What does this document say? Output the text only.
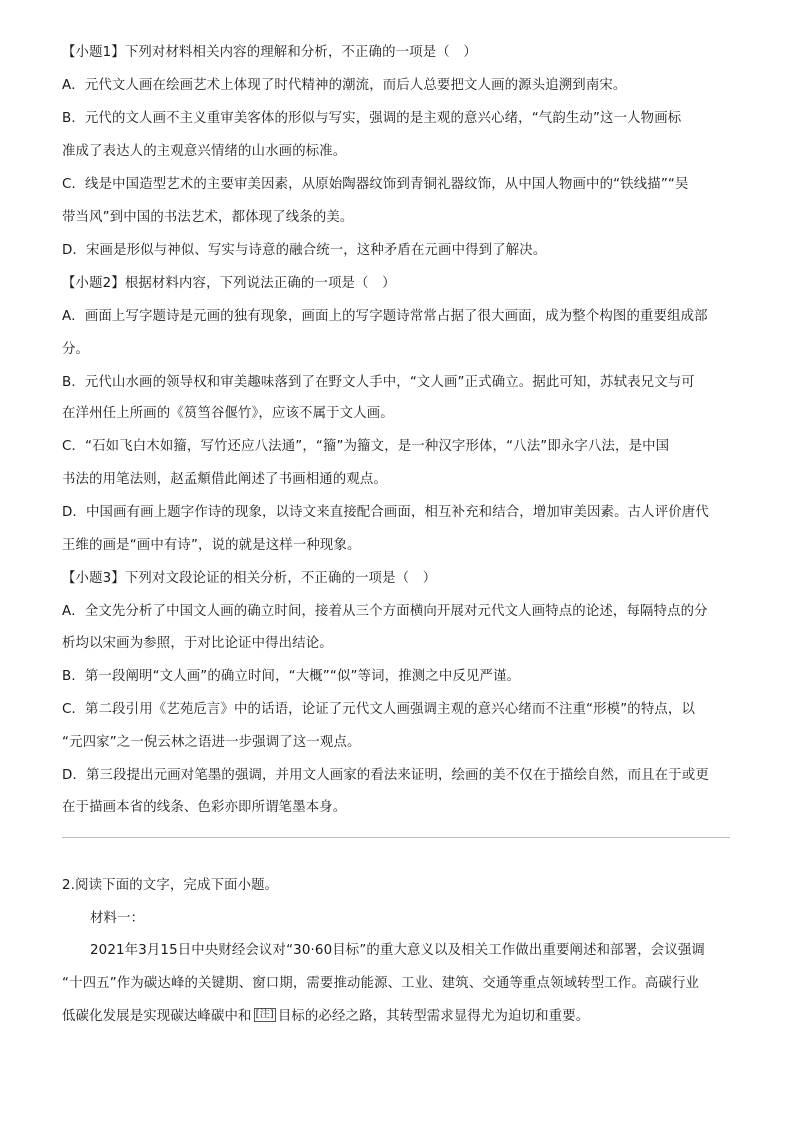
【小题1】下列对材料相关内容的理解和分析，不正确的一项是（　）
A．元代文人画在绘画艺术上体现了时代精神的潮流，而后人总要把文人画的源头追溯到南宋。
B．元代的文人画不主义重审美客体的形似与写实，强调的是主观的意兴心绪，“气韵生动”这一人物画标
准成了表达人的主观意兴情绪的山水画的标准。
C．线是中国造型艺术的主要审美因素，从原始陶器纹饰到青铜礼器纹饰，从中国人物画中的“铁线描”“吴
带当风”到中国的书法艺术，都体现了线条的美。
D．宋画是形似与神似、写实与诗意的融合统一，这种矛盾在元画中得到了解决。
【小题2】根据材料内容，下列说法正确的一项是（　）
A．画面上写字题诗是元画的独有现象，画面上的写字题诗常常占据了很大画面，成为整个构图的重要组成部
分。
B．元代山水画的领导权和审美趣味落到了在野文人手中，“文人画”正式确立。据此可知，苏轼表兄文与可
在洋州任上所画的《筼筜谷偃竹》，应该不属于文人画。
C．“石如飞白木如籀，写竹还应八法通”，“籀”为籀文，是一种汉字形体，“八法”即永字八法，是中国
书法的用笔法则，赵孟頫借此阐述了书画相通的观点。
D．中国画有画上题字作诗的现象，以诗文来直接配合画面，相互补充和结合，增加审美因素。古人评价唐代
王维的画是“画中有诗”，说的就是这样一种现象。
【小题3】下列对文段论证的相关分析，不正确的一项是（　）
A．全文先分析了中国文人画的确立时间，接着从三个方面横向开展对元代文人画特点的论述，每隔特点的分
析均以宋画为参照，于对比论证中得出结论。
B．第一段阐明“文人画”的确立时间，“大概”“似”等词，推测之中反见严谨。
C．第二段引用《艺苑卮言》中的话语，论证了元代文人画强调主观的意兴心绪而不注重“形模”的特点，以
“元四家”之一倪云林之语进一步强调了这一观点。
D．第三段提出元画对笔墨的强调，并用文人画家的看法来证明，绘画的美不仅在于描绘自然，而且在于或更
在于描画本省的线条、色彩亦即所谓笔墨本身。
2.阅读下面的文字，完成下面小题。
材料一：
2021年3月15日中央财经会议对“30·60目标”的重大意义以及相关工作做出重要阐述和部署，会议强调
“十四五”作为碳达峰的关键期、窗口期，需要推动能源、工业、建筑、交通等重点领域转型工作。高碳行业
低碳化发展是实现碳达峰碳中和 [注] 目标的必经之路，其转型需求显得尤为迫切和重要。
